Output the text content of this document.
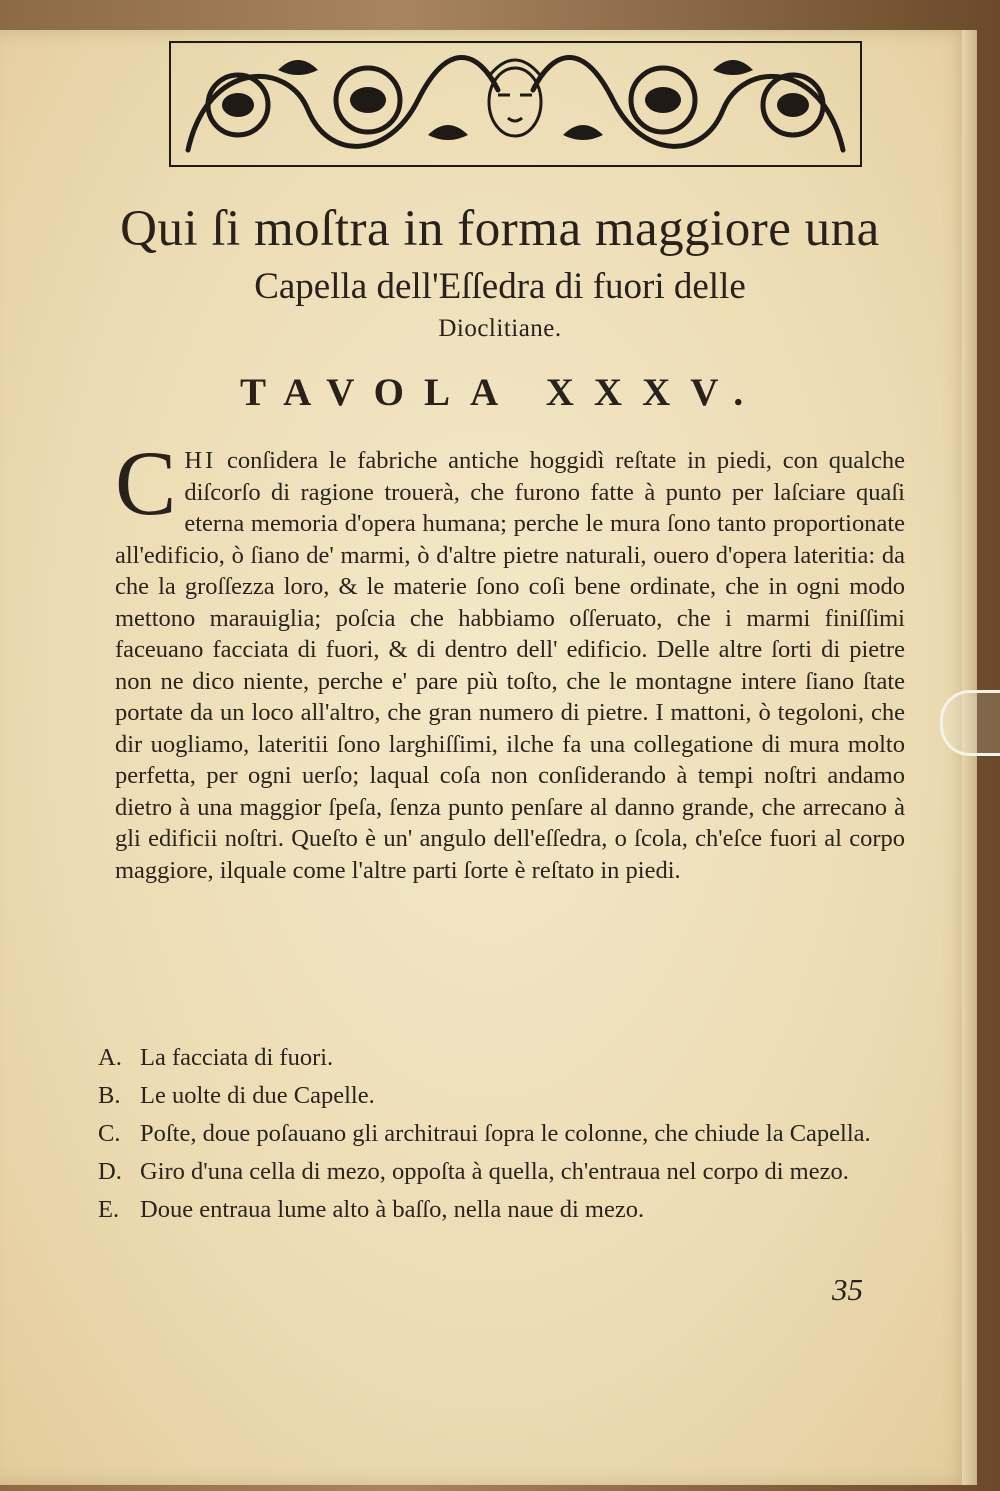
Qui ſi moſtra in forma maggiore una
Capella dell'Eſſedra di fuori delle
Dioclitiane.
TAVOLA XXXV.
CHI conſidera le fabriche antiche hoggidì reſtate in piedi, con qualche diſcorſo di ragione trouerà, che furono fatte à punto per laſciare quaſi eterna memoria d'opera humana; perche le mura ſono tanto proportionate all'edificio, ò ſiano de' marmi, ò d'altre pietre naturali, ouero d'opera lateritia: da che la groſſezza loro, & le materie ſono coſi bene ordinate, che in ogni modo mettono marauiglia; poſcia che habbiamo oſſeruato, che i marmi finiſſimi faceuano facciata di fuori, & di dentro dell' edificio. Delle altre ſorti di pietre non ne dico niente, perche e' pare più toſto, che le montagne intere ſiano ſtate portate da un loco all'altro, che gran numero di pietre. I mattoni, ò tegoloni, che dir uogliamo, lateritii ſono larghiſſimi, ilche fa una collegatione di mura molto perfetta, per ogni uerſo; laqual coſa non conſiderando à tempi noſtri andamo dietro à una maggior ſpeſa, ſenza punto penſare al danno grande, che arrecano à gli edificii noſtri. Queſto è un' angulo dell'eſſedra, o ſcola, ch'eſce fuori al corpo maggiore, ilquale come l'altre parti ſorte è reſtato in piedi.
A. La facciata di fuori.
B. Le uolte di due Capelle.
C. Poſte, doue poſauano gli architraui ſopra le colonne, che chiude la Capella.
D. Giro d'una cella di mezo, oppoſta à quella, ch'entraua nel corpo di mezo.
E. Doue entraua lume alto à baſſo, nella naue di mezo.
35
